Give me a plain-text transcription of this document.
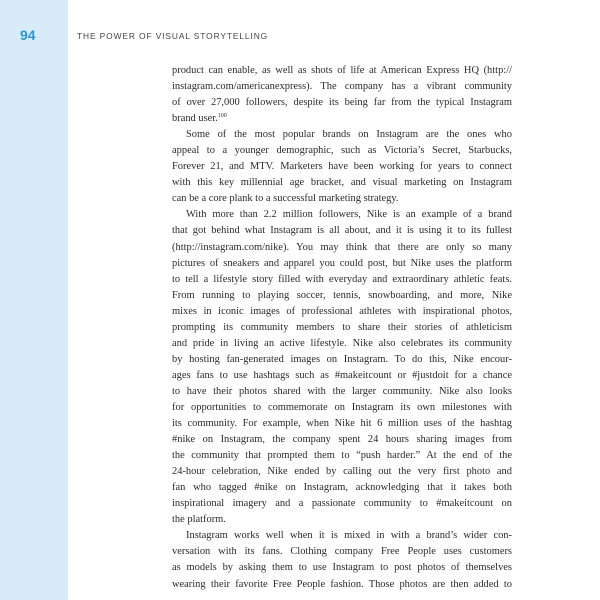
94	THE POWER OF VISUAL STORYTELLING
product can enable, as well as shots of life at American Express HQ (http://
instagram.com/americanexpress). The company has a vibrant community
of over 27,000 followers, despite its being far from the typical Instagram
brand user.$^{100}$
Some of the most popular brands on Instagram are the ones who
appeal to a younger demographic, such as Victoria’s Secret, Starbucks,
Forever 21, and MTV. Marketers have been working for years to connect
with this key millennial age bracket, and visual marketing on Instagram
can be a core plank to a successful marketing strategy.
With more than 2.2 million followers, Nike is an example of a brand
that got behind what Instagram is all about, and it is using it to its fullest
(http://instagram.com/nike). You may think that there are only so many
pictures of sneakers and apparel you could post, but Nike uses the platform
to tell a lifestyle story filled with everyday and extraordinary athletic feats.
From running to playing soccer, tennis, snowboarding, and more, Nike
mixes in iconic images of professional athletes with inspirational photos,
prompting its community members to share their stories of athleticism
and pride in living an active lifestyle. Nike also celebrates its community
by hosting fan-generated images on Instagram. To do this, Nike encour-
ages fans to use hashtags such as #makeitcount or #justdoit for a chance
to have their photos shared with the larger community. Nike also looks
for opportunities to commemorate on Instagram its own milestones with
its community. For example, when Nike hit 6 million uses of the hashtag
#nike on Instagram, the company spent 24 hours sharing images from
the community that prompted them to “push harder.” At the end of the
24-hour celebration, Nike ended by calling out the very first photo and
fan who tagged #nike on Instagram, acknowledging that it takes both
inspirational imagery and a passionate community to #makeitcount on
the platform.
Instagram works well when it is mixed in with a brand’s wider con-
versation with its fans. Clothing company Free People uses customers
as models by asking them to use Instagram to post photos of themselves
wearing their favorite Free People fashion. Those photos are then added to
